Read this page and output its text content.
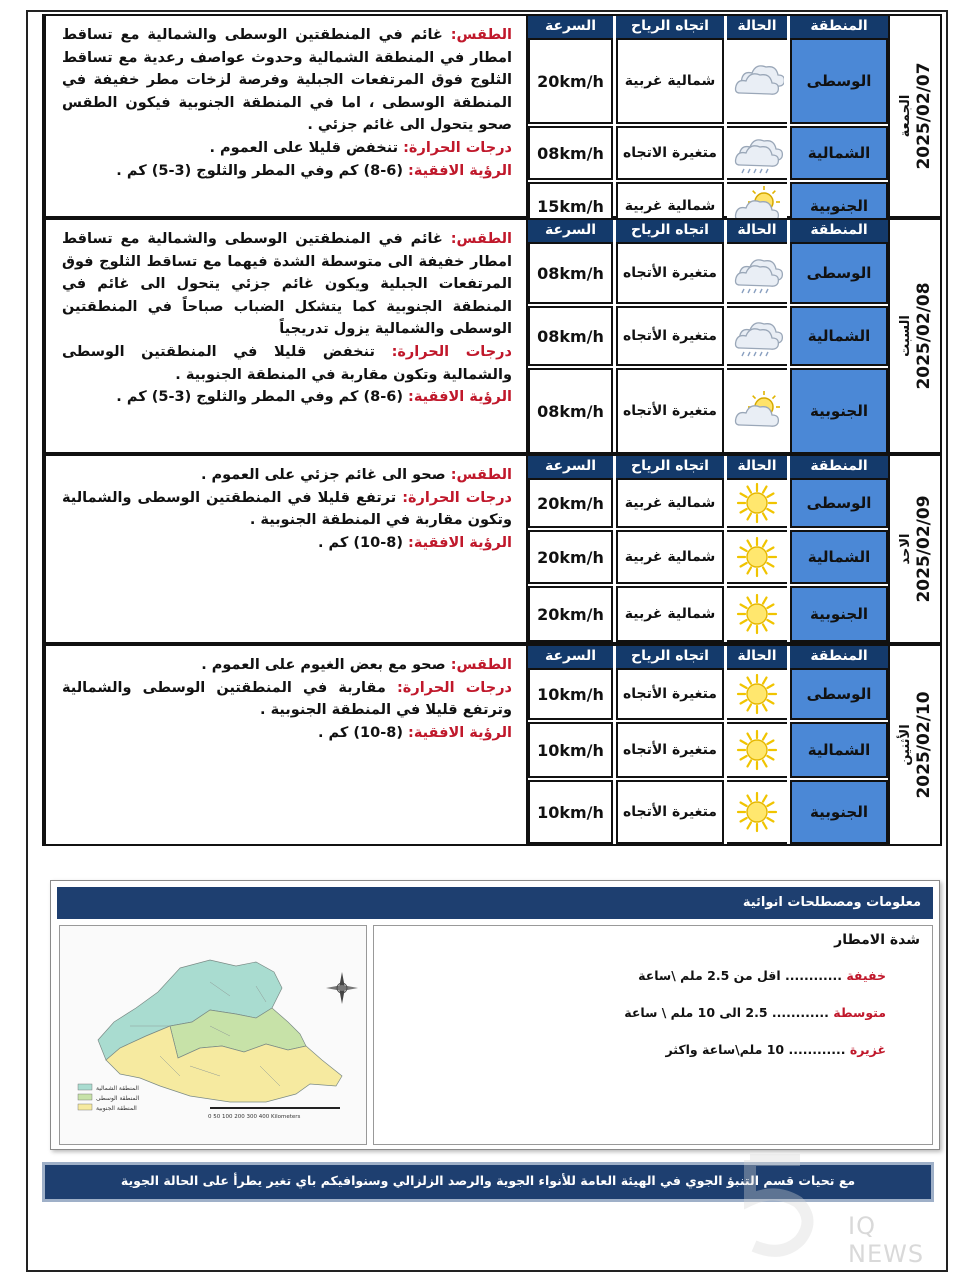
الطقس: غائم في المنطقتين الوسطى والشمالية مع تساقط امطار في المنطقة الشمالية وحدوث عواصف رعدية مع تساقط الثلوج فوق المرتفعات الجبلية وفرصة لزخات مطر خفيفة في المنطقة الوسطى ، اما في المنطقة الجنوبية فيكون الطقس صحو يتحول الى غائم جزئي .

درجات الحرارة: تنخفض قليلا على العموم .

الرؤية الافقية: (6-8) كم وفي المطر والثلوج (3-5) كم .

السرعة	اتجاه الرياح	الحالة	المنطقة
20km/h	شمالية غربية	الوسطى
08km/h	متغيرة الاتجاه	الشمالية
15km/h	شمالية غربية	الجنوبية
الجمعة 2025/02/07

الطقس: غائم في المنطقتين الوسطى والشمالية مع تساقط امطار خفيفة الى متوسطة الشدة فيهما مع تساقط الثلوج فوق المرتفعات الجبلية ويكون غائم جزئي يتحول الى غائم في المنطقة الجنوبية كما يتشكل الضباب صباحاً في المنطقتين الوسطى والشمالية يزول تدريجياً

درجات الحرارة: تنخفض قليلا في المنطقتين الوسطى والشمالية وتكون مقاربة في المنطقة الجنوبية .

الرؤية الافقية: (6-8) كم وفي المطر والثلوج (3-5) كم .

السرعة	اتجاه الرياح	الحالة	المنطقة
08km/h	متغيرة الأتجاه	الوسطى
08km/h	متغيرة الأتجاه	الشمالية
08km/h	متغيرة الأتجاه	الجنوبية
السبت 2025/02/08

الطقس: صحو الى غائم جزئي على العموم .

درجات الحرارة: ترتفع قليلا في المنطقتين الوسطى والشمالية وتكون مقاربة في المنطقة الجنوبية .

الرؤية الافقية: (8-10) كم .

السرعة	اتجاه الرياح	الحالة	المنطقة
20km/h	شمالية غربية	الوسطى
20km/h	شمالية غربية	الشمالية
20km/h	شمالية غربية	الجنوبية
الاحد 2025/02/09

الطقس: صحو مع بعض الغيوم على العموم .

درجات الحرارة: مقاربة في المنطقتين الوسطى والشمالية وترتفع قليلا في المنطقة الجنوبية .

الرؤية الافقية: (8-10) كم .

السرعة	اتجاه الرياح	الحالة	المنطقة
10km/h	متغيرة الأتجاه	الوسطى
10km/h	متغيرة الأتجاه	الشمالية
10km/h	متغيرة الأتجاه	الجنوبية
الأثنين 2025/02/10
معلومات ومصطلحات انوائية
المنطقة الشمالية
المنطقة الوسطى
المنطقة الجنوبية
0 50 100 200 300 400 Kilometers
شدة الامطار
خفيفة ............ اقل من 2.5 ملم \ساعة
متوسطة ............ 2.5 الى 10 ملم \ ساعة
غزيرة ............ 10 ملم\ساعة واكثر
مع تحيات قسم التنبؤ الجوي في الهيئة العامة للأنواء الجوية والرصد الزلزالي وسنوافيكم باي تغير يطرأ على الحالة الجوية
IQ NEWS
